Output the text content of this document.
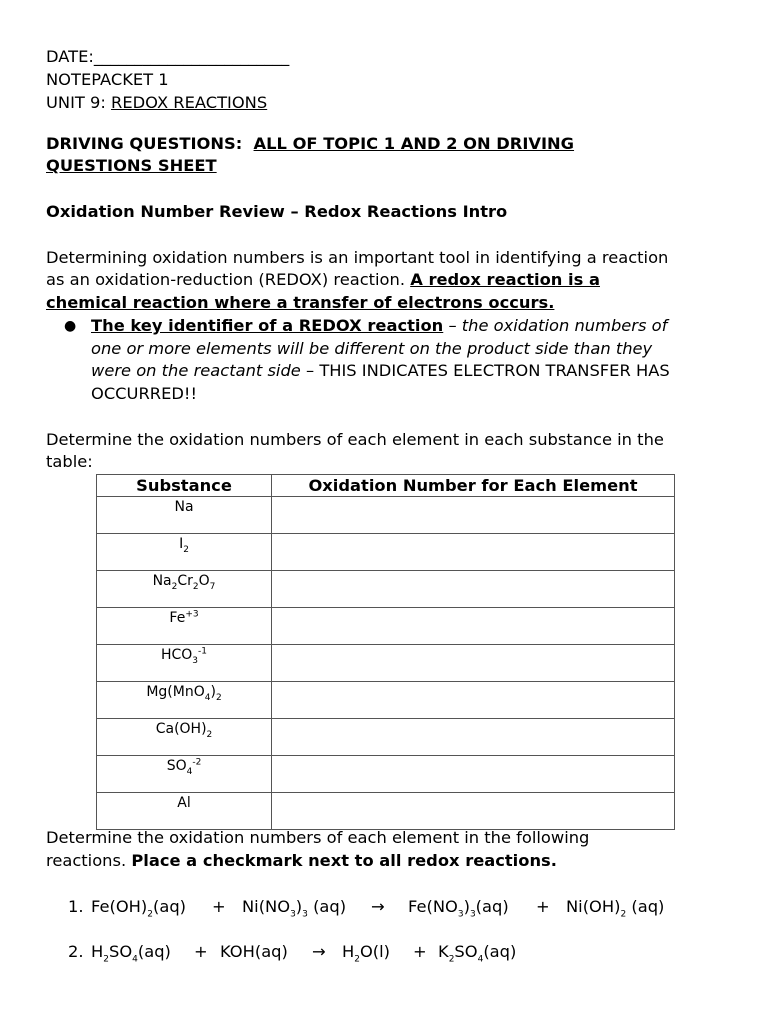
DATE:________________________
NOTEPACKET 1
UNIT 9: REDOX REACTIONS
DRIVING QUESTIONS: ALL OF TOPIC 1 AND 2 ON DRIVING
QUESTIONS SHEET
Oxidation Number Review – Redox Reactions Intro
Determining oxidation numbers is an important tool in identifying a reaction
as an oxidation-reduction (REDOX) reaction. A redox reaction is a
chemical reaction where a transfer of electrons occurs.
● The key identifier of a REDOX reaction – the oxidation numbers of
one or more elements will be different on the product side than they
were on the reactant side – THIS INDICATES ELECTRON TRANSFER HAS
OCCURRED!!
Determine the oxidation numbers of each element in each substance in the
table:
Substance	Oxidation Number for Each Element
Na	
$I_2$	
$Na_2Cr_2O_7$	
$Fe^{+3}$	
$HCO_3^{-1}$	
$Mg(MnO_4)_2$	
$Ca(OH)_2$	
$SO_4^{-2}$	
Al	
Determine the oxidation numbers of each element in the following
reactions. Place a checkmark next to all redox reactions.
1. $Fe(OH)_2(aq) + Ni(NO_3)_3$ $(aq) \to Fe(NO_3)_3(aq) + Ni(OH)_2$ (aq)
2. $H_2SO_4(aq) + KOH(aq) \to H_2O(l) + K_2SO_4(aq)$
